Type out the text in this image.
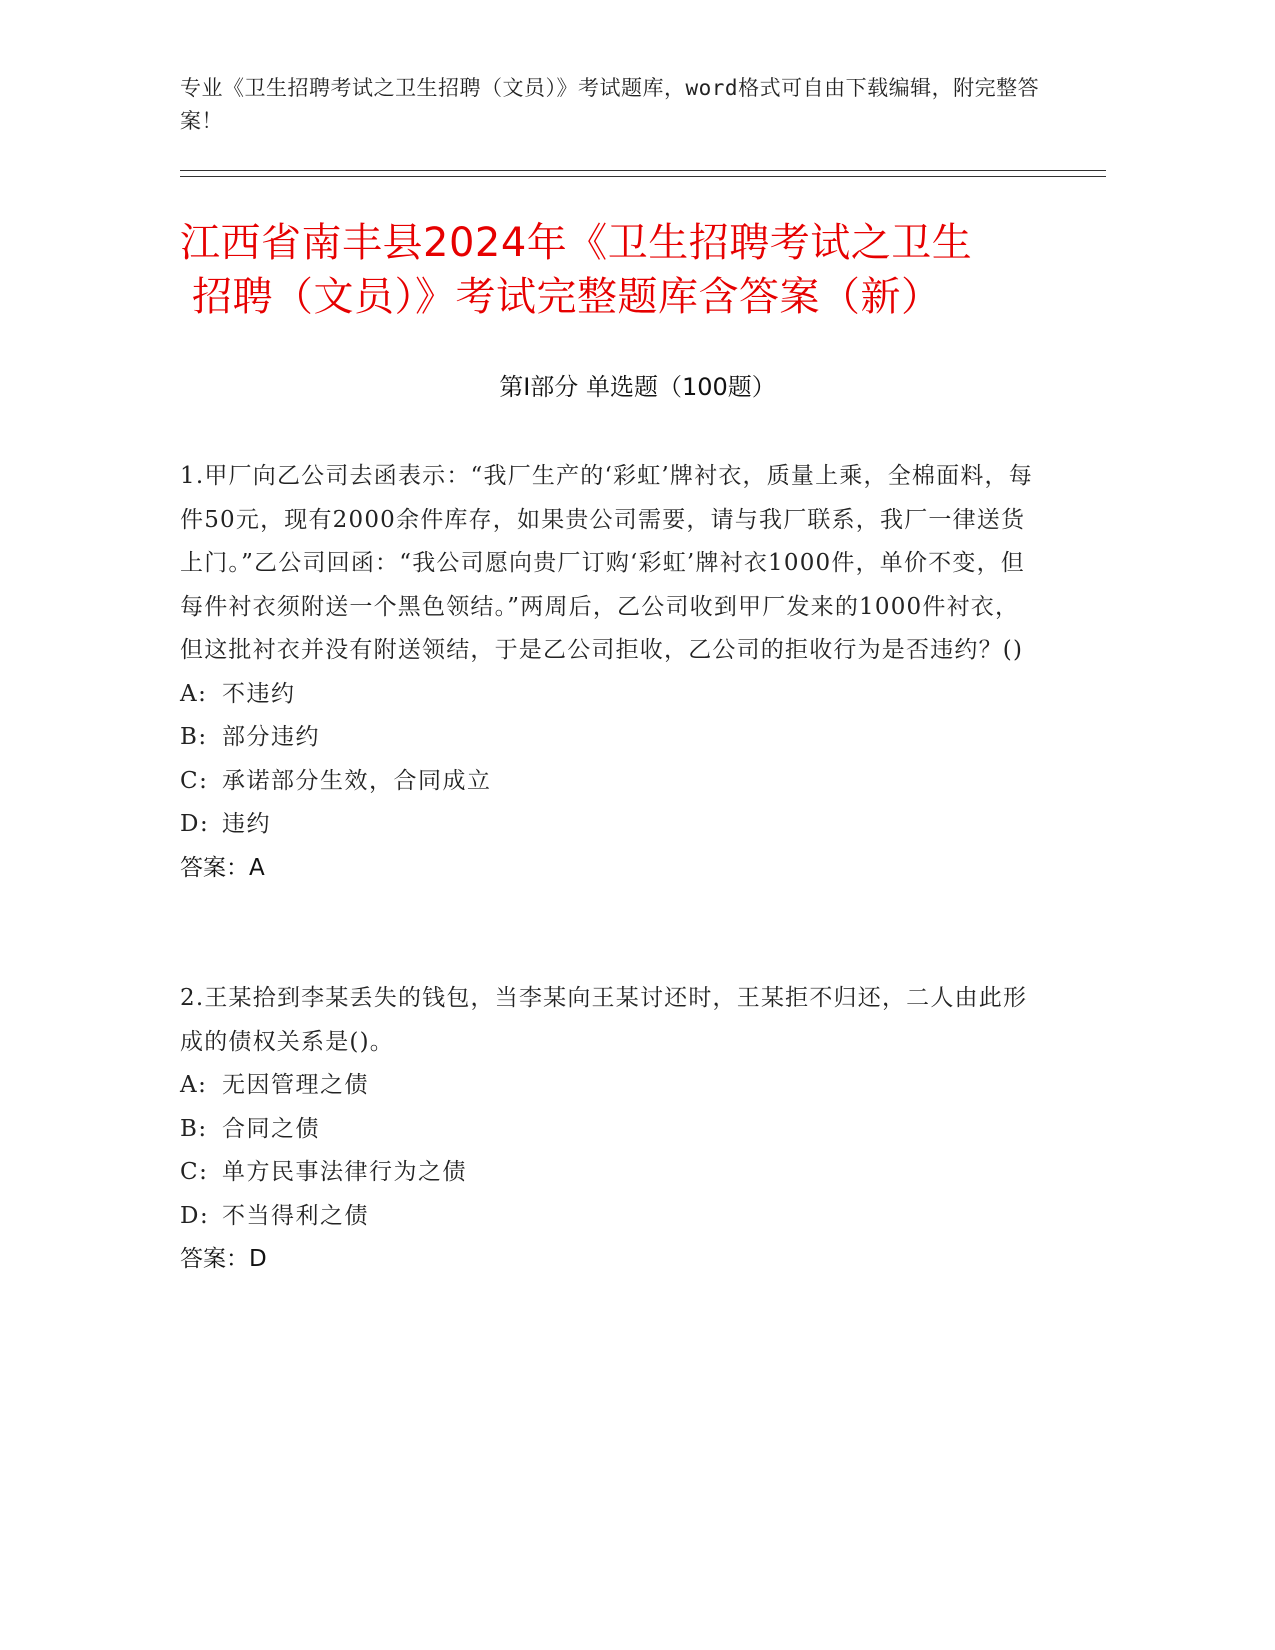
专业《卫生招聘考试之卫生招聘（文员）》考试题库，word格式可自由下载编辑，附完整答案！
江西省南丰县2024年《卫生招聘考试之卫生
招聘（文员）》考试完整题库含答案（新）
第I部分 单选题（100题）
1.甲厂向乙公司去函表示：“我厂生产的‘彩虹’牌衬衣，质量上乘，全棉面料，每件50元，现有2000余件库存，如果贵公司需要，请与我厂联系，我厂一律送货上门。”乙公司回函：“我公司愿向贵厂订购‘彩虹’牌衬衣1000件，单价不变，但每件衬衣须附送一个黑色领结。”两周后，乙公司收到甲厂发来的1000件衬衣，但这批衬衣并没有附送领结，于是乙公司拒收，乙公司的拒收行为是否违约？()
A: 不违约
B: 部分违约
C: 承诺部分生效，合同成立
D: 违约
答案：A
2.王某拾到李某丢失的钱包，当李某向王某讨还时，王某拒不归还，二人由此形成的债权关系是()。
A: 无因管理之债
B: 合同之债
C: 单方民事法律行为之债
D: 不当得利之债
答案：D
